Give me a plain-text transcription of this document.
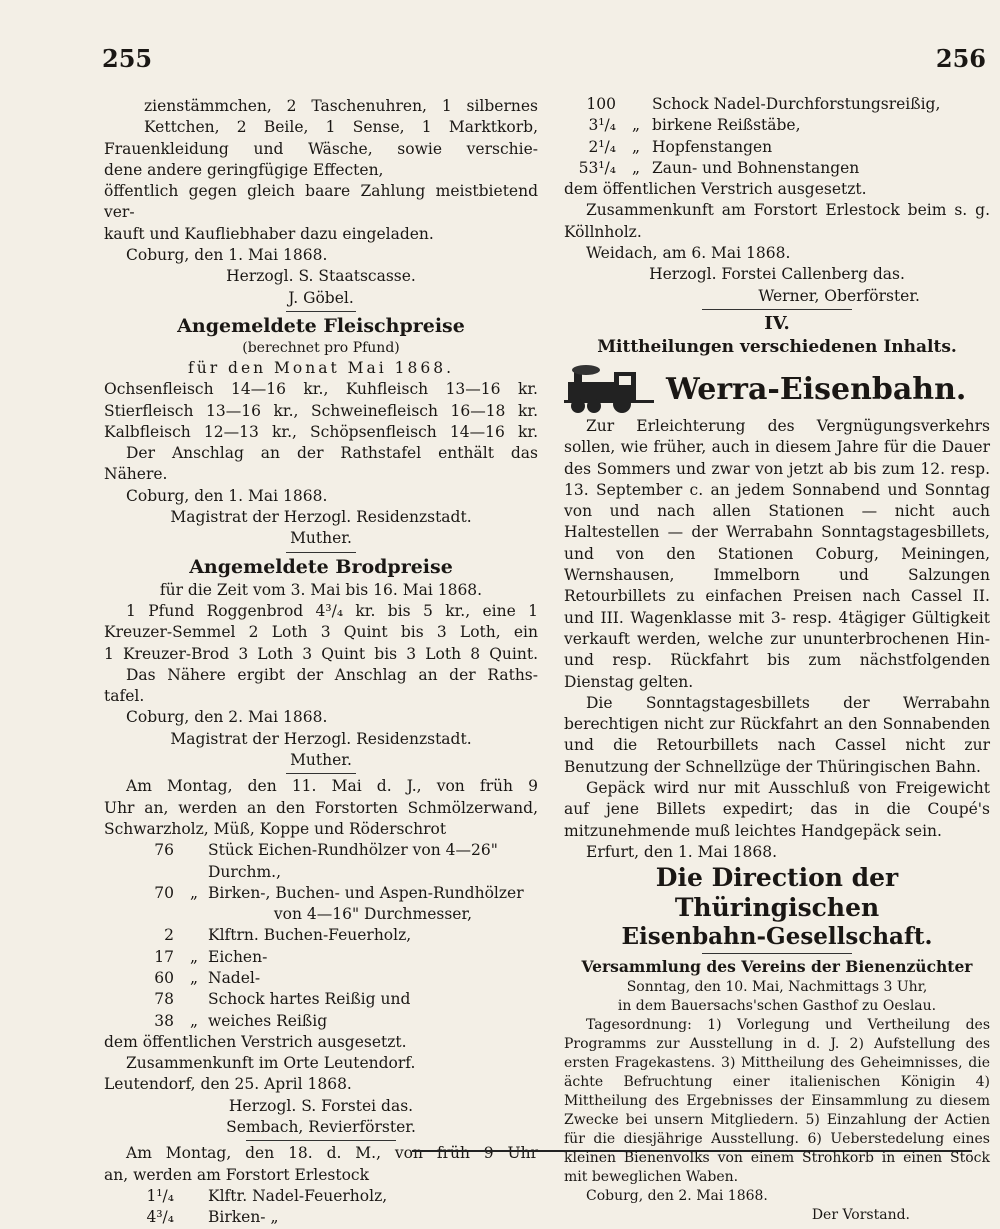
255	256

zienstämmchen, 2 Taschenuhren, 1 silbernes

Kettchen, 2 Beile, 1 Sense, 1 Marktkorb,

Frauenkleidung und Wäsche, sowie verschie-

dene andere geringfügige Effecten,

öffentlich gegen gleich baare Zahlung meistbietend ver-

kauft und Kaufliebhaber dazu eingeladen.

Coburg, den 1. Mai 1868.

Herzogl. S. Staatscasse.

J. Göbel.

Angemeldete Fleischpreise

(berechnet pro Pfund)

für den Monat Mai 1868.

Ochsenfleisch 14—16 kr., Kuhfleisch 13—16 kr.

Stierfleisch 13—16 kr., Schweinefleisch 16—18 kr.

Kalbfleisch 12—13 kr., Schöpsenfleisch 14—16 kr.

Der Anschlag an der Rathstafel enthält das

Nähere.

Coburg, den 1. Mai 1868.

Magistrat der Herzogl. Residenzstadt.

Muther.

Angemeldete Brodpreise

für die Zeit vom 3. Mai bis 16. Mai 1868.

1 Pfund Roggenbrod 4³/₄ kr. bis 5 kr., eine 1

Kreuzer-Semmel 2 Loth 3 Quint bis 3 Loth, ein

1 Kreuzer-Brod 3 Loth 3 Quint bis 3 Loth 8 Quint.

Das Nähere ergibt der Anschlag an der Raths-

tafel.

Coburg, den 2. Mai 1868.

Magistrat der Herzogl. Residenzstadt.

Muther.

Am Montag, den 11. Mai d. J., von früh 9

Uhr an, werden an den Forstorten Schmölzerwand,

Schwarzholz, Müß, Koppe und Röderschrot

76	Stück Eichen-Rundhölzer von 4—26" Durchm.,
70	„ Birken-, Buchen- und Aspen-Rundhölzer
von 4—16" Durchmesser,
2	Klftrn. Buchen-Feuerholz,
17	„ Eichen-
60	„ Nadel-
78	Schock hartes Reißig und
38	„ weiches Reißig

dem öffentlichen Verstrich ausgesetzt.

Zusammenkunft im Orte Leutendorf.

Leutendorf, den 25. April 1868.

Herzogl. S. Forstei das.

Sembach, Revierförster.

Am Montag, den 18. d. M., von früh 9 Uhr

an, werden am Forstort Erlestock

1¹/₄	Klftr. Nadel-Feuerholz,
4³/₄	Birken- „
100 Schock Nadel-Durchforstungsreißig,
3¹/₄	„ birkene Reißstäbe,
2¹/₄	„ Hopfenstangen
53¹/₄	„ Zaun- und Bohnenstangen

dem öffentlichen Verstrich ausgesetzt.

Zusammenkunft am Forstort Erlestock beim s. g.

Köllnholz.

Weidach, am 6. Mai 1868.

Herzogl. Forstei Callenberg das.

Werner, Oberförster.

IV.

Mittheilungen verschiedenen Inhalts.

Werra-Eisenbahn.

Zur Erleichterung des Vergnügungsverkehrs sollen, wie früher, auch in diesem Jahre für die Dauer des Sommers und zwar von jetzt ab bis zum 12. resp. 13. September c. an jedem Sonnabend und Sonntag von und nach allen Stationen — nicht auch Haltestellen — der Werrabahn Sonntagstagesbillets, und von den Stationen Coburg, Meiningen, Wernshausen, Immelborn und Salzungen Retourbillets zu einfachen Preisen nach Cassel II. und III. Wagenklasse mit 3- resp. 4tägiger Gültigkeit verkauft werden, welche zur ununterbrochenen Hin- und resp. Rückfahrt bis zum nächstfolgenden Dienstag gelten.

Die Sonntagstagesbillets der Werrabahn berechtigen nicht zur Rückfahrt an den Sonnabenden und die Retourbillets nach Cassel nicht zur Benutzung der Schnellzüge der Thüringischen Bahn.

Gepäck wird nur mit Ausschluß von Freigewicht auf jene Billets expedirt; das in die Coupé's mitzunehmende muß leichtes Handgepäck sein.

Erfurt, den 1. Mai 1868.

Die Direction der Thüringischen

Eisenbahn-Gesellschaft.

Versammlung des Vereins der Bienenzüchter

Sonntag, den 10. Mai, Nachmittags 3 Uhr,

in dem Bauersachs'schen Gasthof zu Oeslau.

Tagesordnung: 1) Vorlegung und Vertheilung des Programms zur Ausstellung in d. J. 2) Aufstellung des ersten Fragekastens. 3) Mittheilung des Geheimnisses, die ächte Befruchtung einer italienischen Königin 4) Mittheilung des Ergebnisses der Einsammlung zu diesem Zwecke bei unsern Mitgliedern. 5) Einzahlung der Actien für die diesjährige Ausstellung. 6) Ueberstedelung eines kleinen Bienenvolks von einem Strohkorb in einen Stock mit beweglichen Waben.

Coburg, den 2. Mai 1868.

Der Vorstand.
